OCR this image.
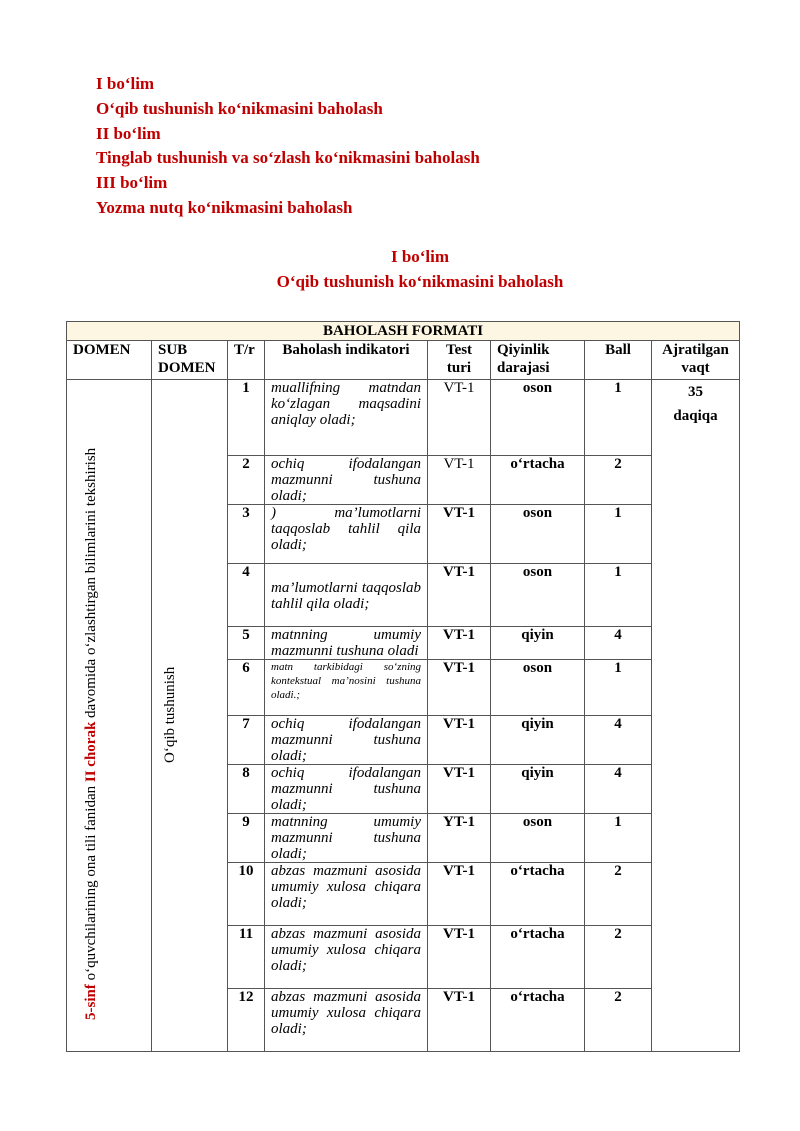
I bo‘lim
O‘qib tushunish ko‘nikmasini baholash
II bo‘lim
Tinglab tushunish va so‘zlash ko‘nikmasini baholash
III bo‘lim
Yozma nutq ko‘nikmasini baholash
I bo‘lim
O‘qib tushunish ko‘nikmasini baholash
BAHOLASH FORMATI							
DOMEN	SUB DOMEN	T/r	Baholash indikatori	Test turi	Qiyinlik darajasi	Ball	Ajratilgan vaqt

5-sinf o‘quvchilarining ona tili fanidan II chorak davomida o‘zlashtirgan bilimlarini tekshirish	O‘qib tushunish	1	muallifning matndan ko‘zlagan maqsadini aniqlay oladi;	VT-1	oson	1	35
daqiqa

		2	ochiq ifodalangan mazmunni tushuna oladi;	VT-1	o‘rtacha	2	
		3	) ma’lumotlarni taqqoslab tahlil qila oladi;	VT-1	oson	1	
		4	ma’lumotlarni taqqoslab tahlil qila oladi;	VT-1	oson	1	
		5	matnning umumiy mazmunni tushuna oladi	VT-1	qiyin	4	
		6	matn tarkibidagi so‘zning kontekstual ma’nosini tushuna oladi.;	VT-1	oson	1	
		7	ochiq ifodalangan mazmunni tushuna oladi;	VT-1	qiyin	4	
		8	ochiq ifodalangan mazmunni tushuna oladi;	VT-1	qiyin	4	
		9	matnning umumiy mazmunni tushuna oladi;	YT-1	oson	1	
		10	abzas mazmuni asosida umumiy xulosa chiqara oladi;	VT-1	o‘rtacha	2	
		11	abzas mazmuni asosida umumiy xulosa chiqara oladi;	VT-1	o‘rtacha	2	
		12	abzas mazmuni asosida umumiy xulosa chiqara oladi;	VT-1	o‘rtacha	2	
